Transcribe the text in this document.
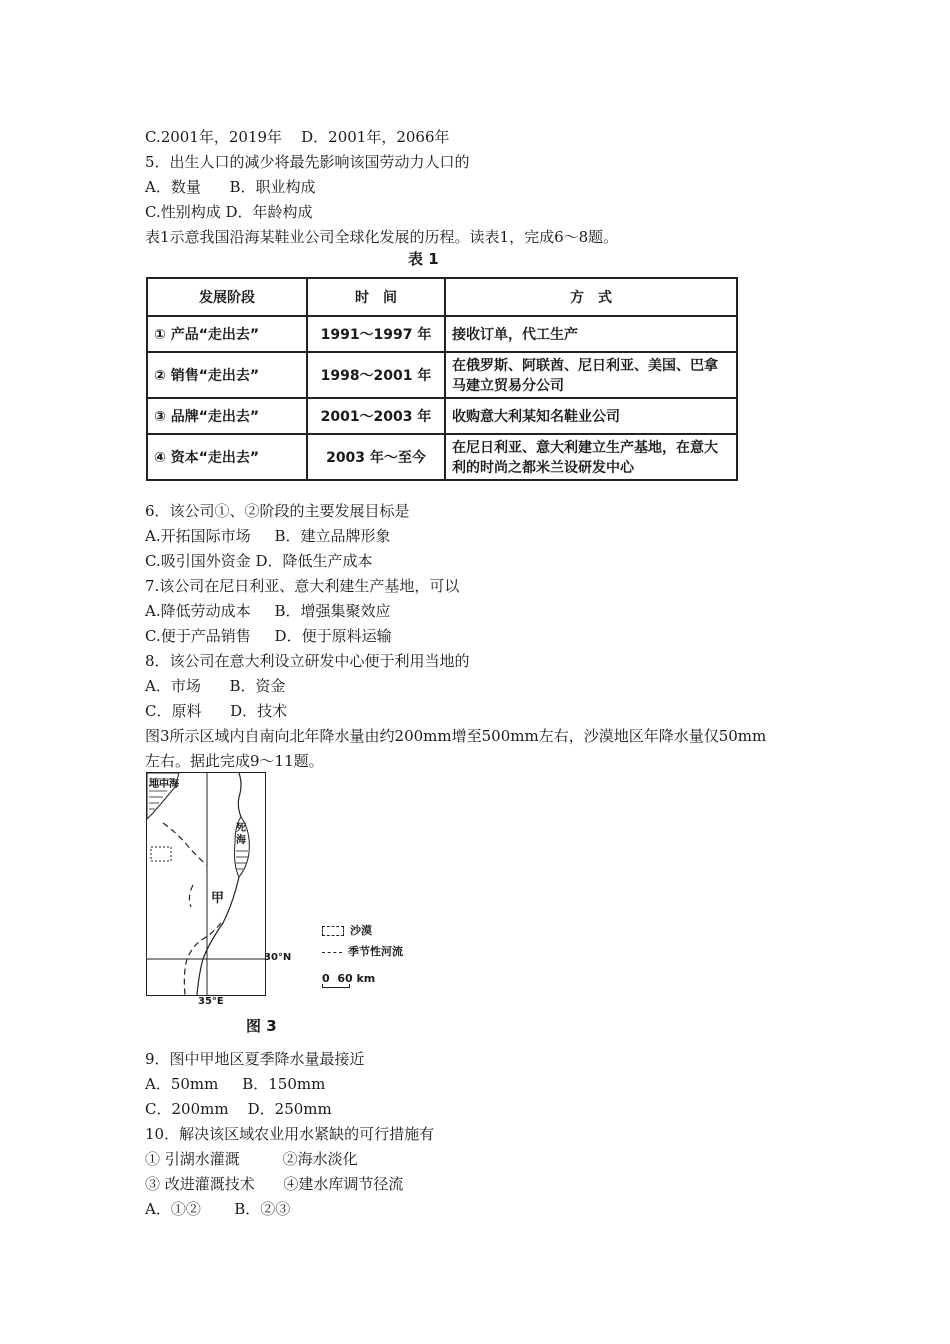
C.2001年，2019年    D．2001年，2066年
5．出生人口的减少将最先影响该国劳动力人口的
A．数量      B．职业构成
C.性别构成 D．年龄构成
表1示意我国沿海某鞋业公司全球化发展的历程。读表1，完成6～8题。
表 1
发展阶段	时　间	方　式
① 产品“走出去”	1991～1997 年	接收订单，代工生产
② 销售“走出去”	1998～2001 年	在俄罗斯、阿联酋、尼日利亚、美国、巴拿马建立贸易分公司
③ 品牌“走出去”	2001～2003 年	收购意大利某知名鞋业公司
④ 资本“走出去”	2003 年～至今	在尼日利亚、意大利建立生产基地，在意大利的时尚之都米兰设研发中心
6．该公司①、②阶段的主要发展目标是
A.开拓国际市场     B．建立品牌形象
C.吸引国外资金 D．降低生产成本
7.该公司在尼日利亚、意大利建生产基地，可以
A.降低劳动成本     B．增强集聚效应
C.便于产品销售     D．便于原料运输
8．该公司在意大利设立研发中心便于利用当地的
A．市场      B．资金
C．原料      D．技术
图3所示区域内自南向北年降水量由约200mm增至500mm左右，沙漠地区年降水量仅50mm
左右。据此完成9～11题。
地中海
死海
甲
30°N
35°E
沙漠
季节性河流
0  60 km
图 3
9．图中甲地区夏季降水量最接近
A．50mm     B．150mm
C．200mm    D．250mm
10．解决该区域农业用水紧缺的可行措施有
① 引湖水灌溉         ②海水淡化
③ 改进灌溉技术      ④建水库调节径流
A．①②       B．②③
